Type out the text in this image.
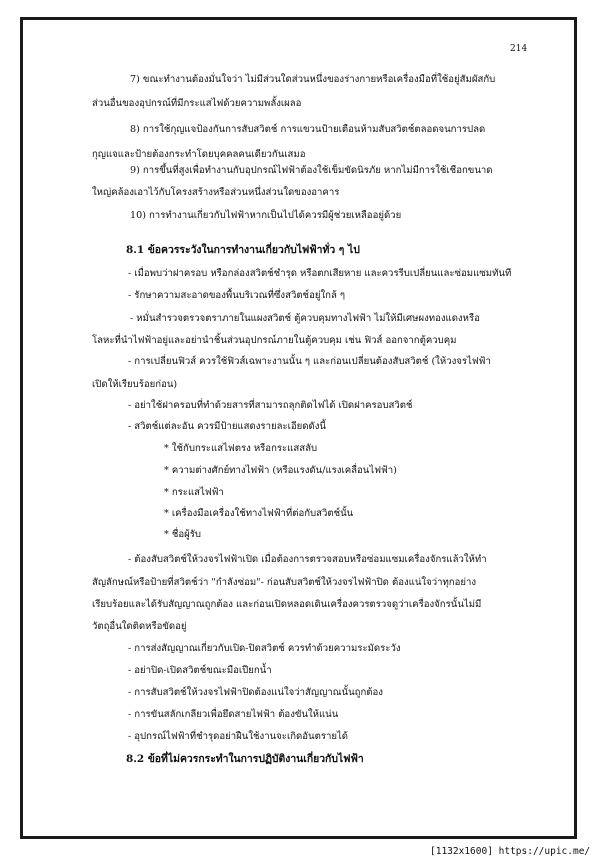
214
7) ขณะทำงานต้องมั่นใจว่า ไม่มีส่วนใดส่วนหนึ่งของร่างกายหรือเครื่องมือที่ใช้อยู่สัมผัสกับ
ส่วนอื่นของอุปกรณ์ที่มีกระแสไฟด้วยความพลั้งเผลอ
8) การใช้กุญแจป้องกันการสับสวิตช์ การแขวนป้ายเตือนห้ามสับสวิตช์ตลอดจนการปลด
กุญแจและป้ายต้องกระทำโดยบุคคลคนเดียวกันเสมอ
9) การขึ้นที่สูงเพื่อทำงานกับอุปกรณ์ไฟฟ้าต้องใช้เข็มขัดนิรภัย หากไม่มีการใช้เชือกขนาด
ใหญ่คล้องเอาไว้กับโครงสร้างหรือส่วนหนึ่งส่วนใดของอาคาร
10) การทำงานเกี่ยวกับไฟฟ้าหากเป็นไปได้ควรมีผู้ช่วยเหลืออยู่ด้วย
8.1 ข้อควรระวังในการทำงานเกี่ยวกับไฟฟ้าทั่ว ๆ ไป
- เมื่อพบว่าฝาครอบ หรือกล่องสวิตช์ชำรุด หรือตกเสียหาย และควรรีบเปลี่ยนและซ่อมแซมทันที
- รักษาความสะอาดของพื้นบริเวณที่ซึ่งสวิตช์อยู่ใกล้ ๆ
- หมั่นสำรวจตรวจตราภายในแผงสวิตช์ ตู้ควบคุมทางไฟฟ้า ไม่ให้มีเศษผงทองแดงหรือ
โลหะที่นำไฟฟ้าอยู่และอย่านำชิ้นส่วนอุปกรณ์ภายในตู้ควบคุม เช่น ฟิวส์ ออกจากตู้ควบคุม
- การเปลี่ยนฟิวส์ ควรใช้ฟิวส์เฉพาะงานนั้น ๆ และก่อนเปลี่ยนต้องสับสวิตช์ (ให้วงจรไฟฟ้า
เปิดให้เรียบร้อยก่อน)
- อย่าใช้ฝาครอบที่ทำด้วยสารที่สามารถลุกติดไฟได้ เปิดฝาครอบสวิตช์
- สวิตช์แต่ละอัน ควรมีป้ายแสดงรายละเอียดดังนี้
* ใช้กับกระแสไฟตรง หรือกระแสสลับ
* ความต่างศักย์ทางไฟฟ้า (หรือแรงดัน/แรงเคลื่อนไฟฟ้า)
* กระแสไฟฟ้า
* เครื่องมือเครื่องใช้ทางไฟฟ้าที่ต่อกับสวิตช์นั้น
* ชื่อผู้รับ
- ต้องสับสวิตช์ให้วงจรไฟฟ้าเปิด เมื่อต้องการตรวจสอบหรือซ่อมแซมเครื่องจักรแล้วให้ทำ
สัญลักษณ์หรือป้ายที่สวิตช์ว่า "กำลังซ่อม"- ก่อนสับสวิตช์ให้วงจรไฟฟ้าปิด ต้องแน่ใจว่าทุกอย่าง
เรียบร้อยและได้รับสัญญาณถูกต้อง และก่อนเปิดหลอดเดินเครื่องควรตรวจดูว่าเครื่องจักรนั้นไม่มี
วัตถุอื่นใดติดหรือขัดอยู่
- การส่งสัญญาณเกี่ยวกับเปิด-ปิดสวิตช์ ควรทำด้วยความระมัดระวัง
- อย่าปิด-เปิดสวิตช์ขณะมือเปียกน้ำ
- การสับสวิตช์ให้วงจรไฟฟ้าปิดต้องแน่ใจว่าสัญญาณนั้นถูกต้อง
- การขันสลักเกลียวเพื่อยึดสายไฟฟ้า ต้องขันให้แน่น
- อุปกรณ์ไฟฟ้าที่ชำรุดอย่าฝืนใช้งานจะเกิดอันตรายได้
8.2 ข้อที่ไม่ควรกระทำในการปฏิบัติงานเกี่ยวกับไฟฟ้า
[1132x1600] https://upic.me/
